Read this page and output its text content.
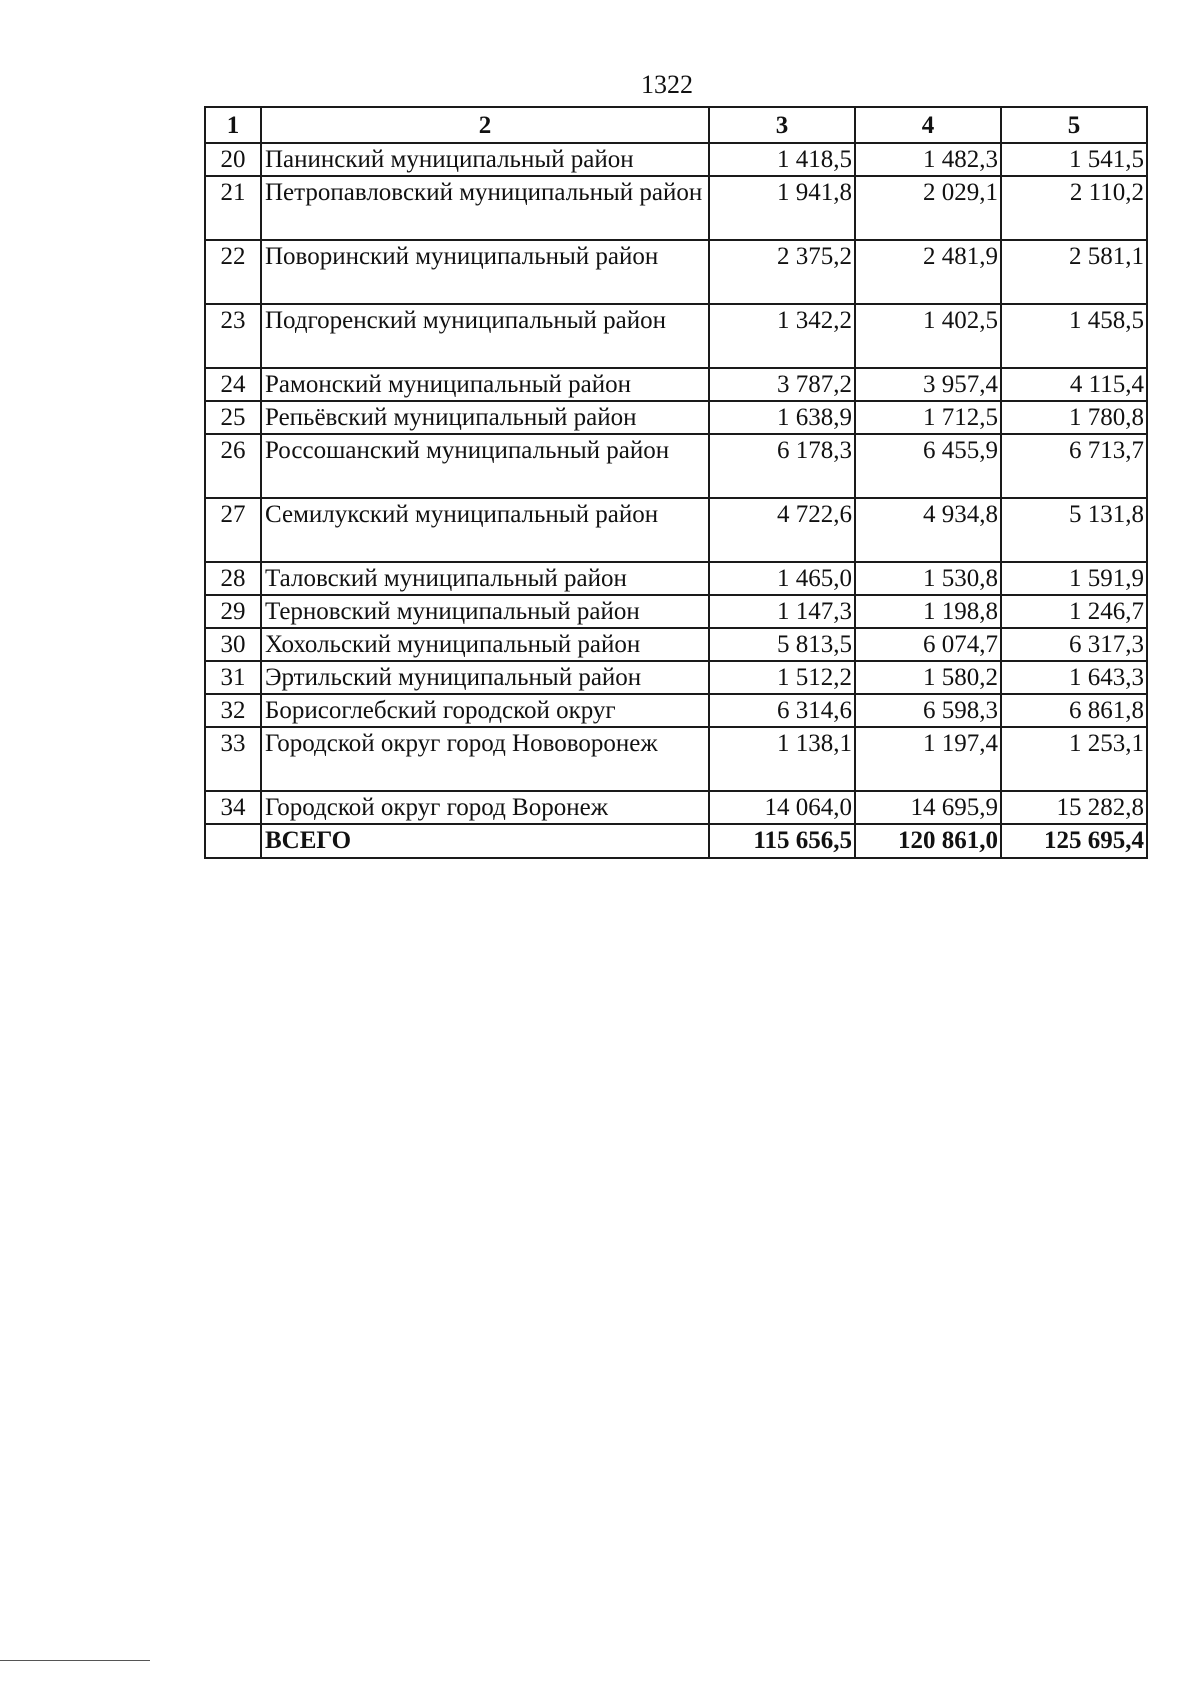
1322
1	2	3	4	5
20	Панинский муниципальный район	1 418,5	1 482,3	1 541,5
21	Петропавловский муниципальный район	1 941,8	2 029,1	2 110,2
22	Поворинский муниципальный район	2 375,2	2 481,9	2 581,1
23	Подгоренский муниципальный район	1 342,2	1 402,5	1 458,5
24	Рамонский муниципальный район	3 787,2	3 957,4	4 115,4
25	Репьёвский муниципальный район	1 638,9	1 712,5	1 780,8
26	Россошанский муниципальный район	6 178,3	6 455,9	6 713,7
27	Семилукский муниципальный район	4 722,6	4 934,8	5 131,8
28	Таловский муниципальный район	1 465,0	1 530,8	1 591,9
29	Терновский муниципальный район	1 147,3	1 198,8	1 246,7
30	Хохольский муниципальный район	5 813,5	6 074,7	6 317,3
31	Эртильский муниципальный район	1 512,2	1 580,2	1 643,3
32	Борисоглебский городской округ	6 314,6	6 598,3	6 861,8
33	Городской округ город Нововоронеж	1 138,1	1 197,4	1 253,1
34	Городской округ город Воронеж	14 064,0	14 695,9	15 282,8
	ВСЕГО	115 656,5	120 861,0	125 695,4
